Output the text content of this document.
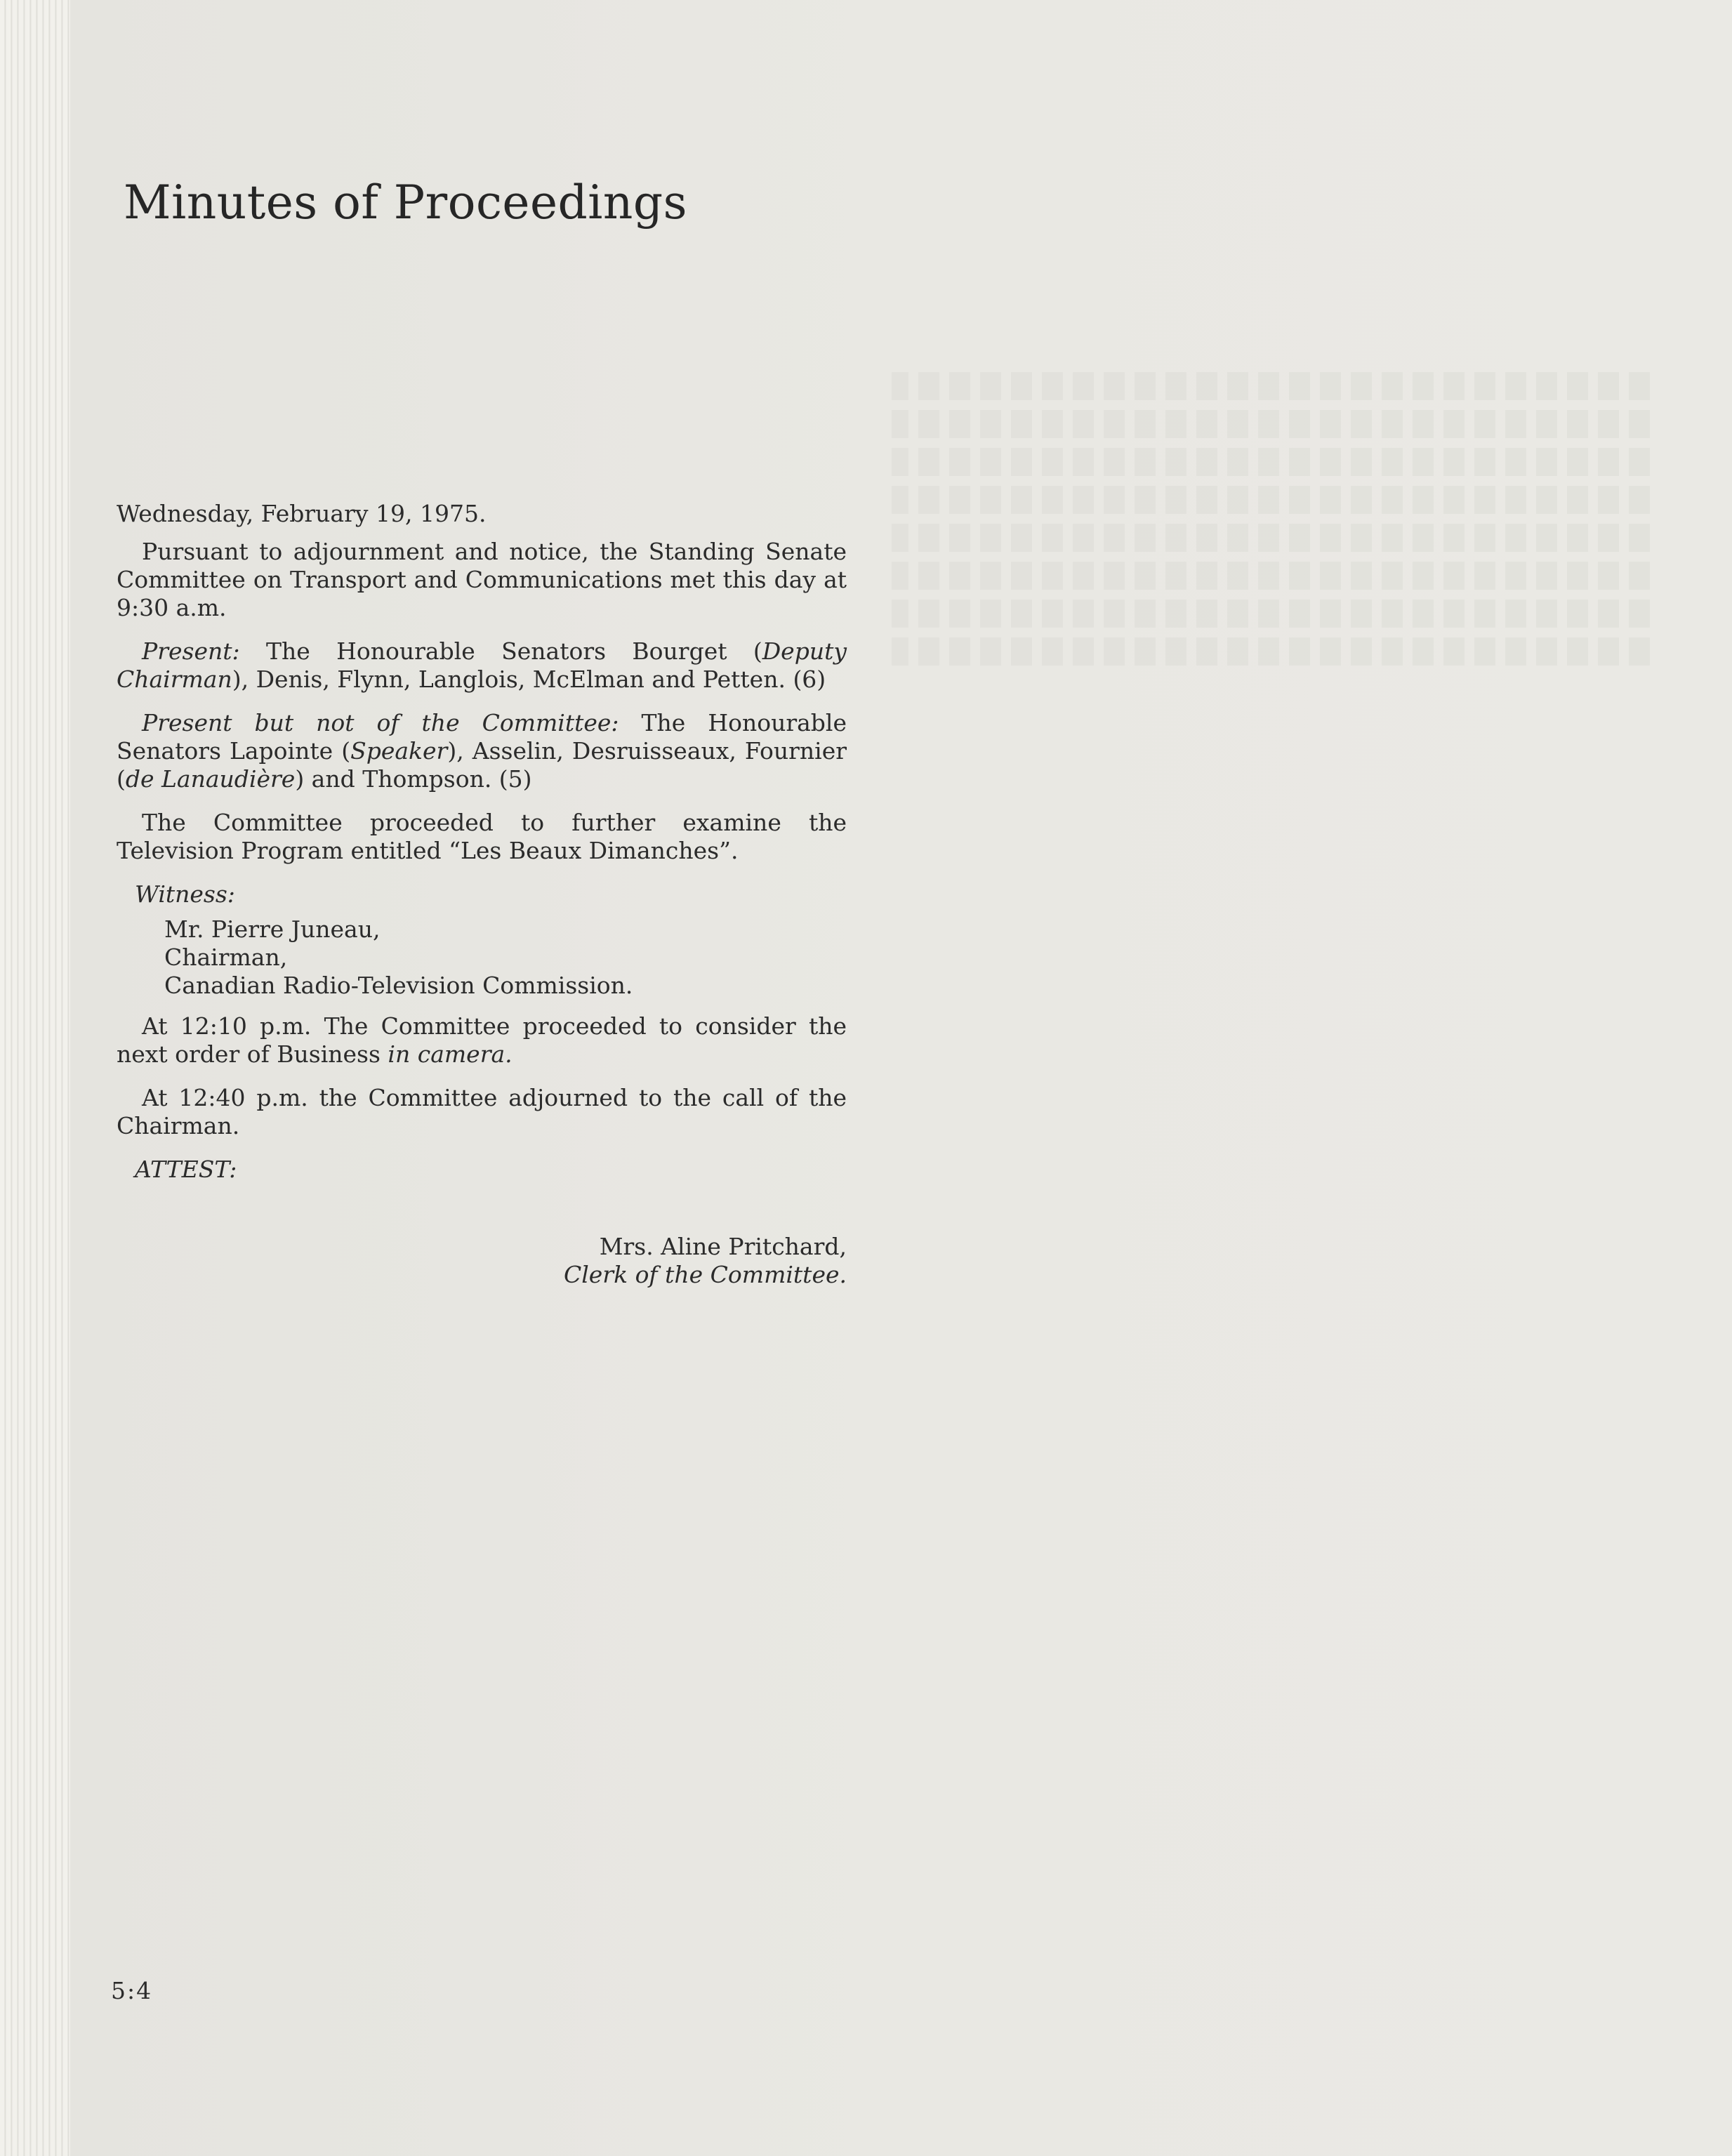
Minutes of Proceedings

Wednesday, February 19, 1975.

Pursuant to adjournment and notice, the Standing Senate Committee on Transport and Communications met this day at 9:30 a.m.

Present: The Honourable Senators Bourget (Deputy Chairman), Denis, Flynn, Langlois, McElman and Petten. (6)

Present but not of the Committee: The Honourable Senators Lapointe (Speaker), Asselin, Desruisseaux, Fournier (de Lanaudière) and Thompson. (5)

The Committee proceeded to further examine the Television Program entitled “Les Beaux Dimanches”.

Witness:

Mr. Pierre Juneau,
Chairman,
Canadian Radio-Television Commission.

At 12:10 p.m. The Committee proceeded to consider the next order of Business in camera.

At 12:40 p.m. the Committee adjourned to the call of the Chairman.

ATTEST:

Mrs. Aline Pritchard,

Clerk of the Committee.

5:4
